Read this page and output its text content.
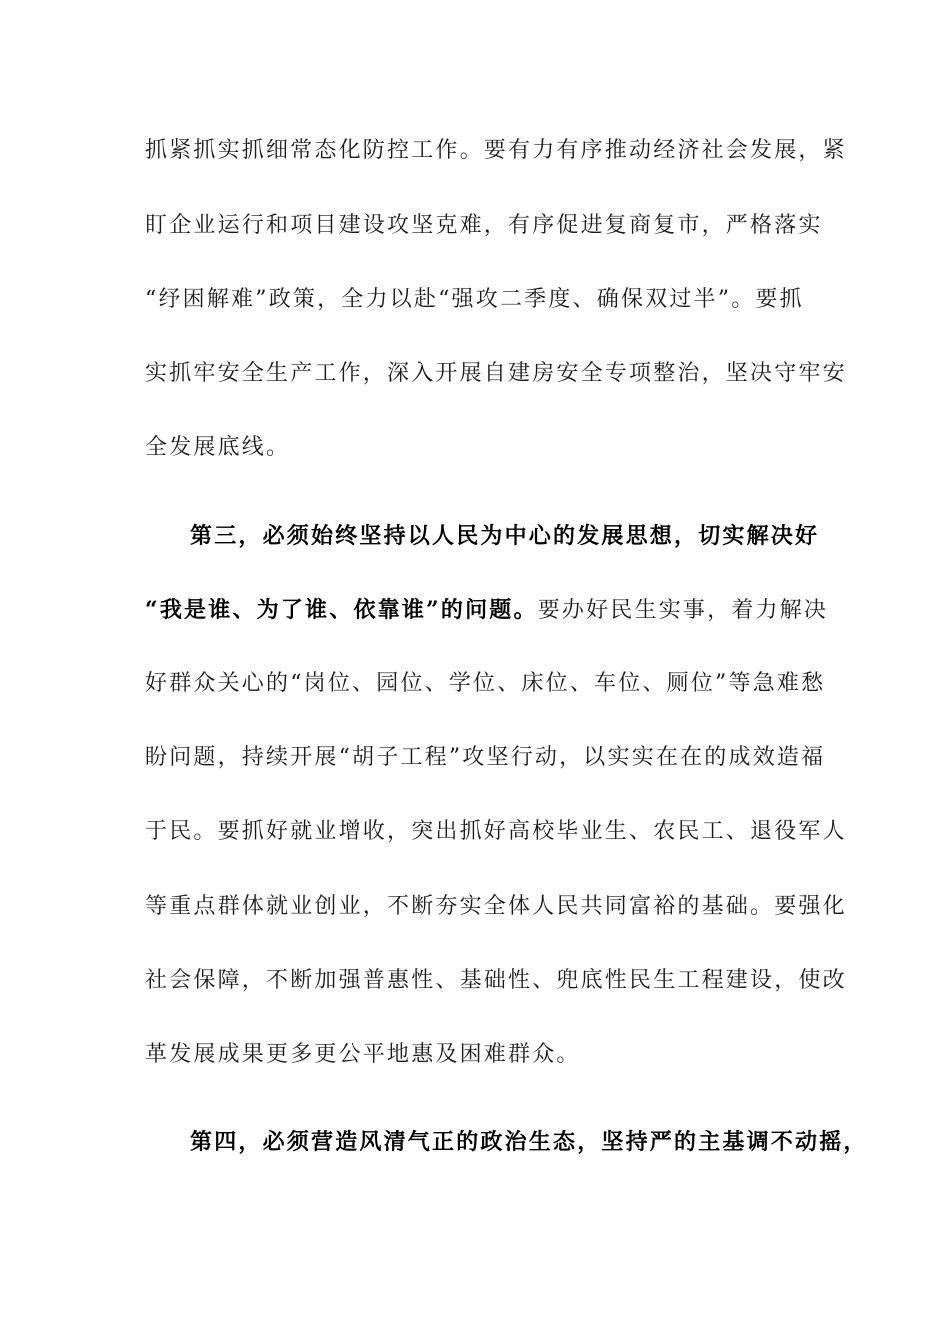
抓紧抓实抓细常态化防控工作。要有力有序推动经济社会发展，紧
盯企业运行和项目建设攻坚克难，有序促进复商复市，严格落实
“纾困解难”政策，全力以赴“强攻二季度、确保双过半”。要抓
实抓牢安全生产工作，深入开展自建房安全专项整治，坚决守牢安
全发展底线。
第三，必须始终坚持以人民为中心的发展思想，切实解决好
“我是谁、为了谁、依靠谁”的问题。要办好民生实事，着力解决
好群众关心的“岗位、园位、学位、床位、车位、厕位”等急难愁
盼问题，持续开展“胡子工程”攻坚行动，以实实在在的成效造福
于民。要抓好就业增收，突出抓好高校毕业生、农民工、退役军人
等重点群体就业创业，不断夯实全体人民共同富裕的基础。要强化
社会保障，不断加强普惠性、基础性、兜底性民生工程建设，使改
革发展成果更多更公平地惠及困难群众。
第四，必须营造风清气正的政治生态，坚持严的主基调不动摇，
